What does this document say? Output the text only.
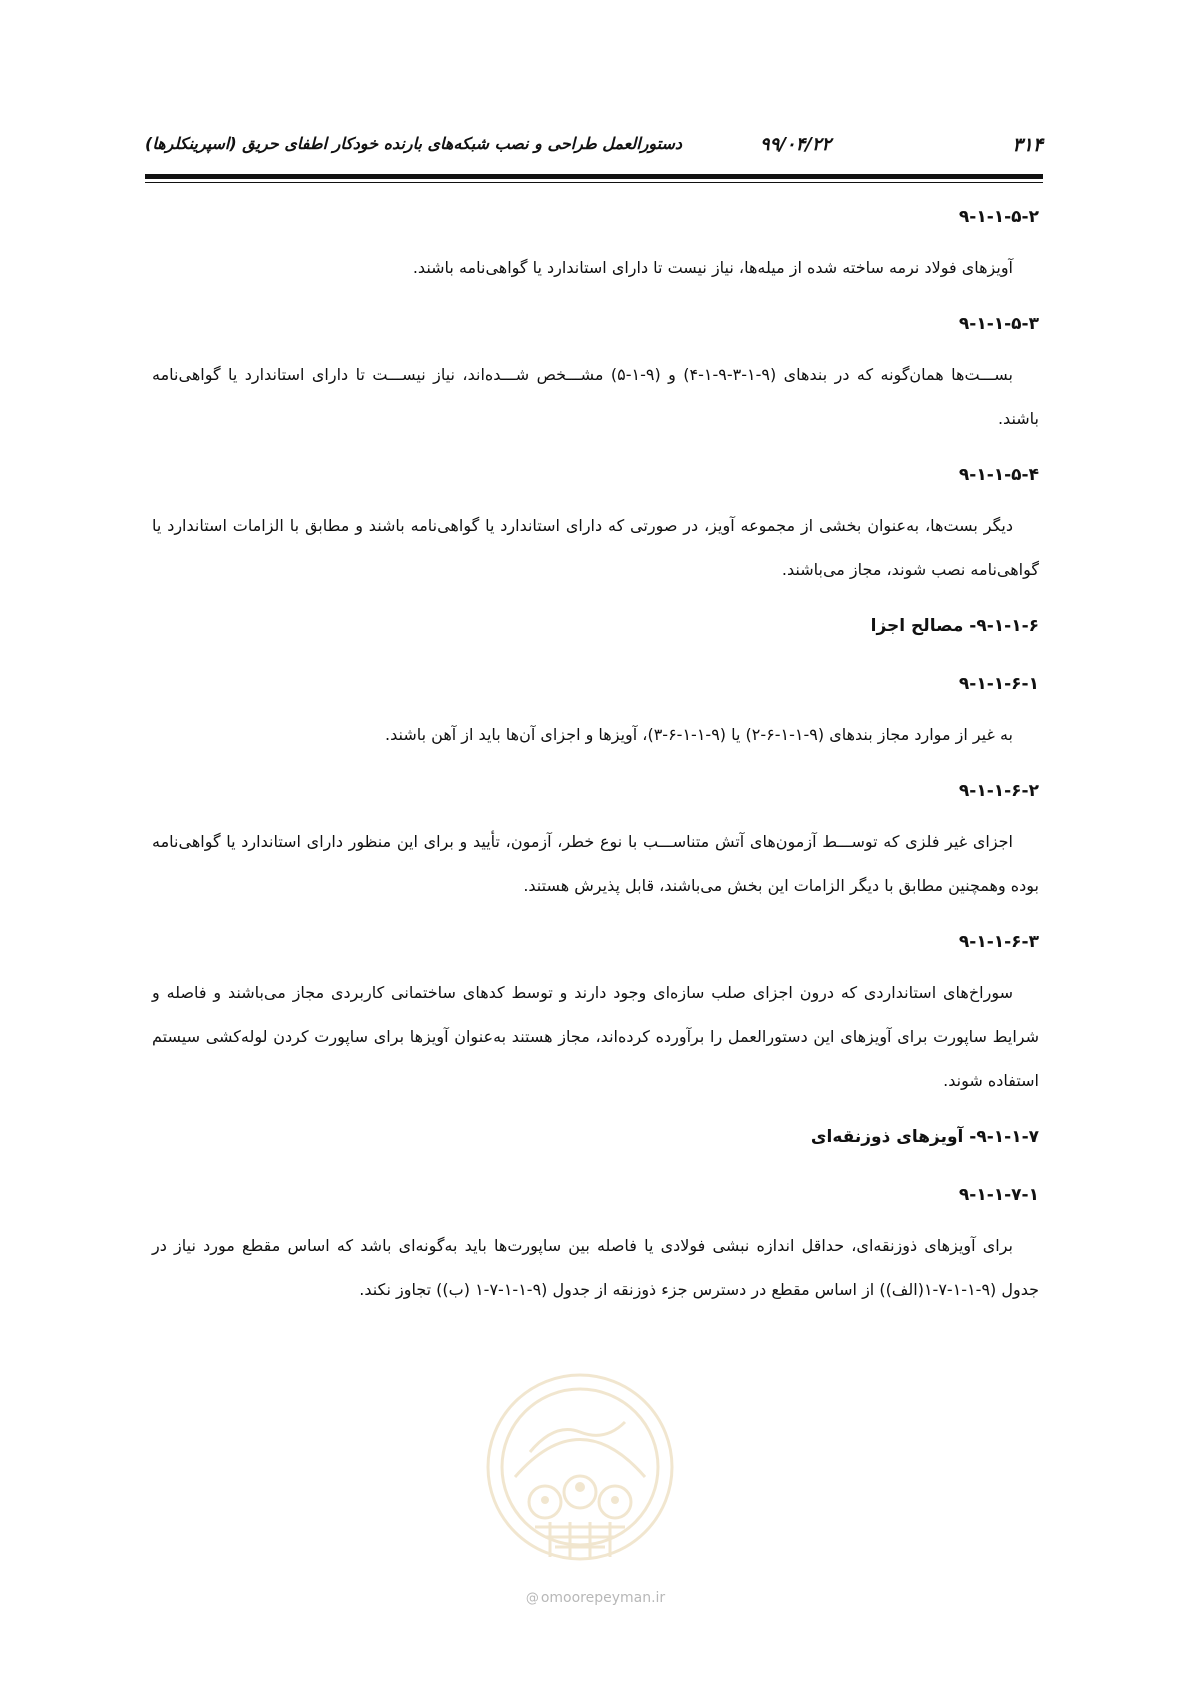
۳۱۴
۹۹/۰۴/۲۲
دستورالعمل طراحی و نصب شبکه‌های بارنده خودکار اطفای حریق (اسپرینکلرها)
۹-۱-۱-۵-۲

آویزهای فولاد نرمه ساخته شده از میله‌ها، نیاز نیست تا دارای استاندارد یا گواهی‌نامه باشند.

۹-۱-۱-۵-۳

بســـت‌ها همان‌گونه که در بندهای (۹-۱-۳-۹-۱-۴) و (۹-۱-۵) مشـــخص شـــده‌اند، نیاز نیســـت تا دارای استاندارد یا گواهی‌نامه باشند.

۹-۱-۱-۵-۴

دیگر بست‌ها، به‌عنوان بخشی از مجموعه آویز، در صورتی که دارای استاندارد یا گواهی‌نامه باشند و مطابق با الزامات استاندارد یا گواهی‌نامه نصب شوند، مجاز می‌باشند.

۹-۱-۱-۶- مصالح اجزا
۹-۱-۱-۶-۱

به غیر از موارد مجاز بندهای (۹-۱-۱-۶-۲) یا (۹-۱-۱-۶-۳)، آویزها و اجزای آن‌ها باید از آهن باشند.

۹-۱-۱-۶-۲

اجزای غیر فلزی که توســـط آزمون‌های آتش متناســـب با نوع خطر، آزمون، تأیید و برای این منظور دارای استاندارد یا گواهی‌نامه بوده وهمچنین مطابق با دیگر الزامات این بخش می‌باشند، قابل پذیرش هستند.

۹-۱-۱-۶-۳

سوراخ‌های استانداردی که درون اجزای صلب سازه‌ای وجود دارند و توسط کدهای ساختمانی کاربردی مجاز می‌باشند و فاصله و شرایط ساپورت برای آویزهای این دستورالعمل را برآورده کرده‌اند، مجاز هستند به‌عنوان آویزها برای ساپورت کردن لوله‌کشی سیستم استفاده شوند.

۹-۱-۱-۷- آویزهای ذوزنقه‌ای
۹-۱-۱-۷-۱

برای آویزهای ذوزنقه‌ای، حداقل اندازه نبشی فولادی یا فاصله بین ساپورت‌ها باید به‌گونه‌ای باشد که اساس مقطع مورد نیاز در جدول (۹-۱-۱-۷-۱(الف)) از اساس مقطع در دسترس جزء ذوزنقه از جدول (۹-۱-۱-۷-۱ (ب)) تجاوز نکند.

@ omoorepeyman.ir
